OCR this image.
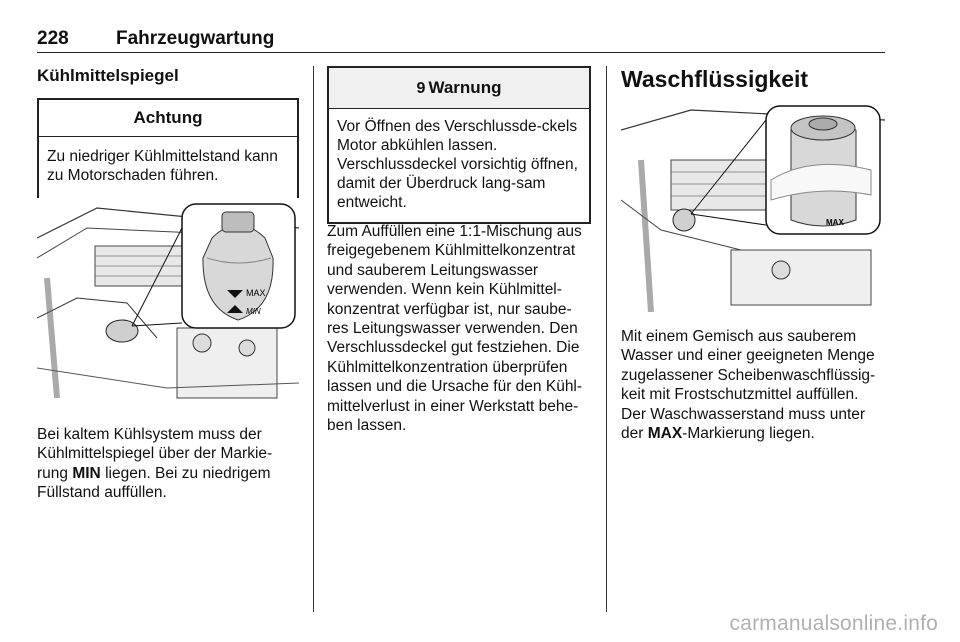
228 Fahrzeugwartung
Kühlmittelspiegel
Achtung
Zu niedriger Kühlmittelstand kann zu Motorschaden führen.
MAX
MIN

Bei kaltem Kühlsystem muss der Kühlmittelspiegel über der Markie-rung MIN liegen. Bei zu niedrigem Füllstand auffüllen.

9 Warnung
Vor Öffnen des Verschlussde-ckels Motor abkühlen lassen. Verschlussdeckel vorsichtig öffnen, damit der Überdruck lang-sam entweicht.

Zum Auffüllen eine 1:1-Mischung aus freigegebenem Kühlmittelkonzentrat und sauberem Leitungswasser verwenden. Wenn kein Kühlmittel-konzentrat verfügbar ist, nur saube-res Leitungswasser verwenden. Den Verschlussdeckel gut festziehen. Die Kühlmittelkonzentration überprüfen lassen und die Ursache für den Kühl-mittelverlust in einer Werkstatt behe-ben lassen.

Waschflüssigkeit
MAX

Mit einem Gemisch aus sauberem Wasser und einer geeigneten Menge zugelassener Scheibenwaschflüssig-keit mit Frostschutzmittel auffüllen.

Der Waschwasserstand muss unter der MAX-Markierung liegen.

carmanualsonline.info
